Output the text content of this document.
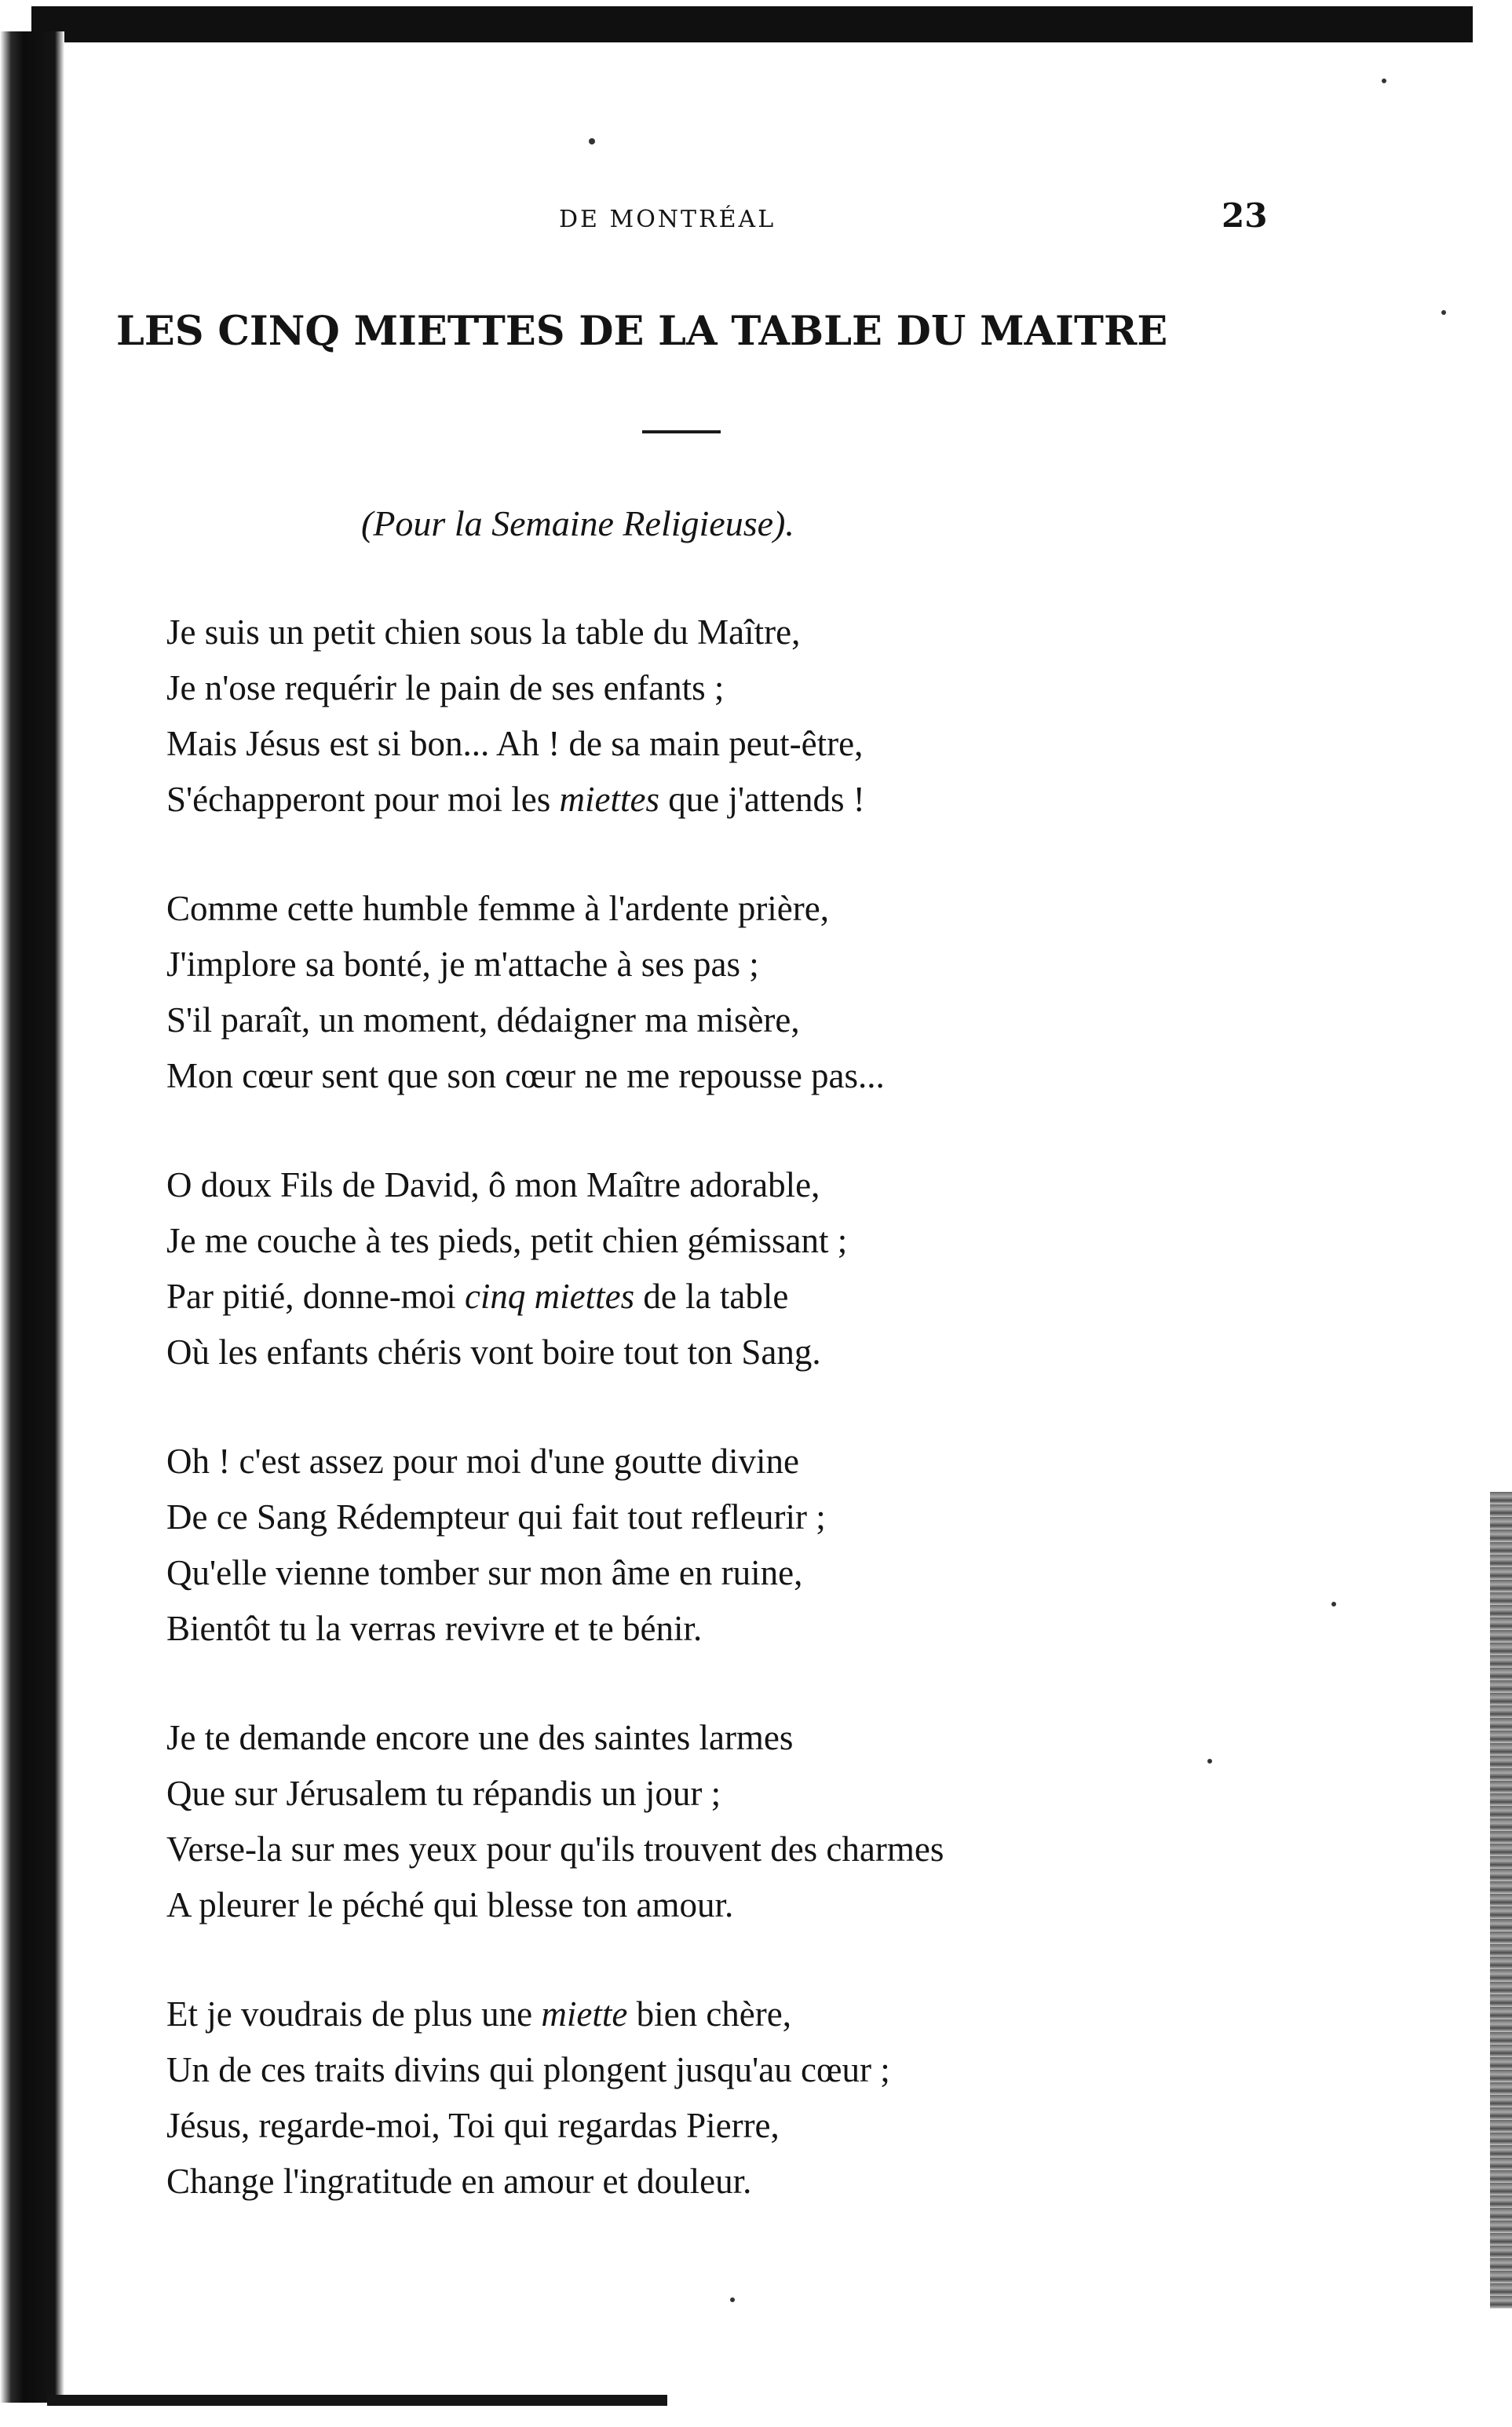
DE MONTRÉAL	23
LES CINQ MIETTES DE LA TABLE DU MAITRE
(Pour la Semaine Religieuse).
Je suis un petit chien sous la table du Maître,
Je n'ose requérir le pain de ses enfants ;
Mais Jésus est si bon... Ah ! de sa main peut-être,
S'échapperont pour moi les miettes que j'attends !
Comme cette humble femme à l'ardente prière,
J'implore sa bonté, je m'attache à ses pas ;
S'il paraît, un moment, dédaigner ma misère,
Mon cœur sent que son cœur ne me repousse pas...
O doux Fils de David, ô mon Maître adorable,
Je me couche à tes pieds, petit chien gémissant ;
Par pitié, donne-moi cinq miettes de la table
Où les enfants chéris vont boire tout ton Sang.
Oh ! c'est assez pour moi d'une goutte divine
De ce Sang Rédempteur qui fait tout refleurir ;
Qu'elle vienne tomber sur mon âme en ruine,
Bientôt tu la verras revivre et te bénir.
Je te demande encore une des saintes larmes
Que sur Jérusalem tu répandis un jour ;
Verse-la sur mes yeux pour qu'ils trouvent des charmes
A pleurer le péché qui blesse ton amour.
Et je voudrais de plus une miette bien chère,
Un de ces traits divins qui plongent jusqu'au cœur ;
Jésus, regarde-moi, Toi qui regardas Pierre,
Change l'ingratitude en amour et douleur.
